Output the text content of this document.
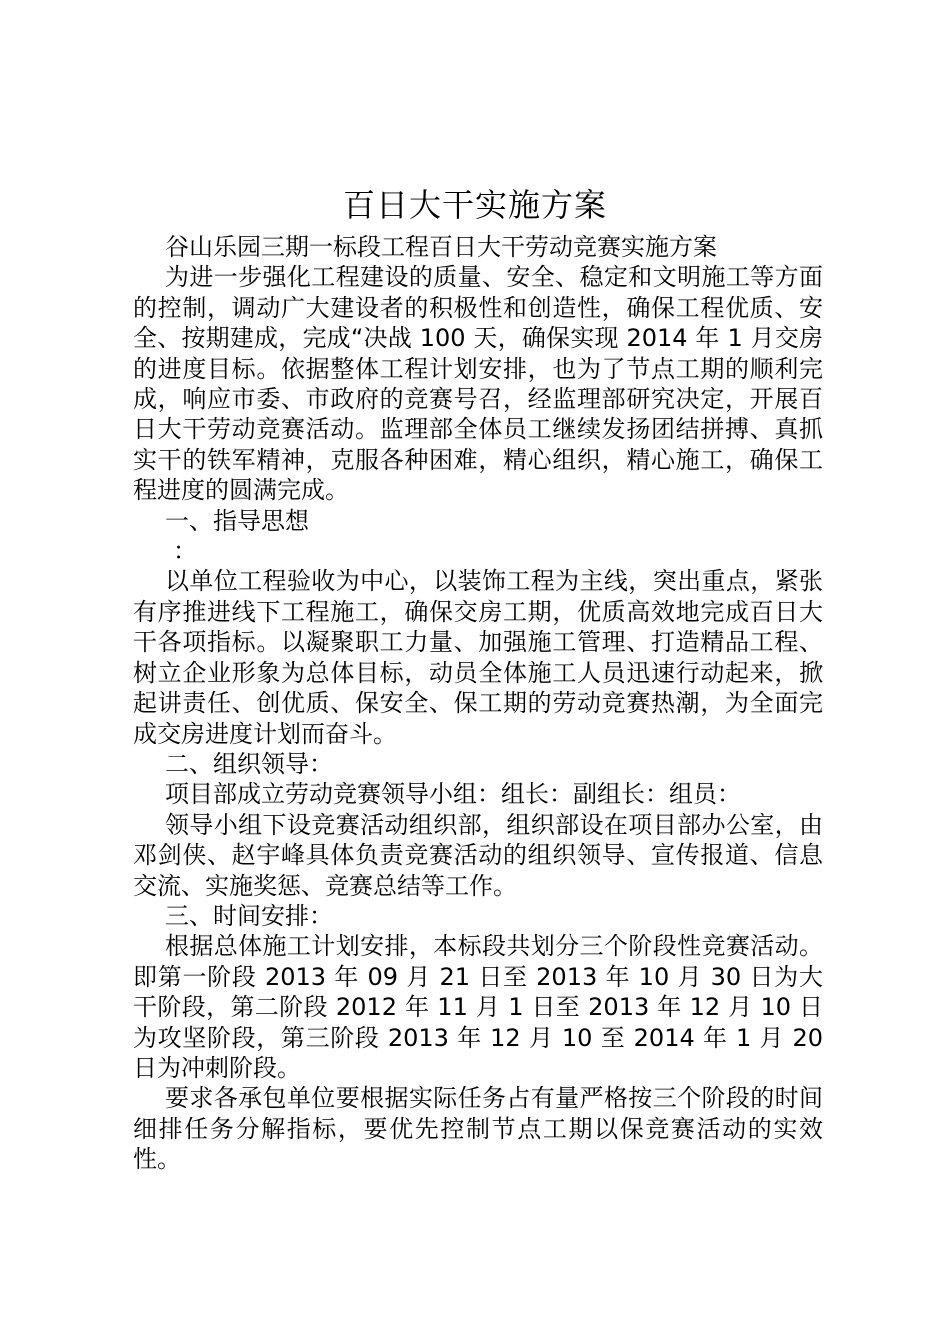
百日大干实施方案

谷山乐园三期一标段工程百日大干劳动竞赛实施方案

为进一步强化工程建设的质量、安全、稳定和文明施工等方面的控制，调动广大建设者的积极性和创造性，确保工程优质、安全、按期建成，完成“决战 100 天，确保实现 2014 年 1 月交房的进度目标。依据整体工程计划安排，也为了节点工期的顺利完成，响应市委、市政府的竞赛号召，经监理部研究决定，开展百日大干劳动竞赛活动。监理部全体员工继续发扬团结拼搏、真抓实干的铁军精神，克服各种困难，精心组织，精心施工，确保工程进度的圆满完成。

一、指导思想

：

以单位工程验收为中心，以装饰工程为主线，突出重点，紧张有序推进线下工程施工，确保交房工期，优质高效地完成百日大干各项指标。以凝聚职工力量、加强施工管理、打造精品工程、树立企业形象为总体目标，动员全体施工人员迅速行动起来，掀起讲责任、创优质、保安全、保工期的劳动竞赛热潮，为全面完成交房进度计划而奋斗。

二、组织领导：

项目部成立劳动竞赛领导小组：组长：副组长：组员：

领导小组下设竞赛活动组织部，组织部设在项目部办公室，由邓剑侠、赵宇峰具体负责竞赛活动的组织领导、宣传报道、信息交流、实施奖惩、竞赛总结等工作。

三、时间安排：

根据总体施工计划安排，本标段共划分三个阶段性竞赛活动。即第一阶段 2013 年 09 月 21 日至 2013 年 10 月 30 日为大干阶段，第二阶段 2012 年 11 月 1 日至 2013 年 12 月 10 日为攻坚阶段，第三阶段 2013 年 12 月 10 至 2014 年 1 月 20 日为冲刺阶段。

要求各承包单位要根据实际任务占有量严格按三个阶段的时间细排任务分解指标，要优先控制节点工期以保竞赛活动的实效性。
